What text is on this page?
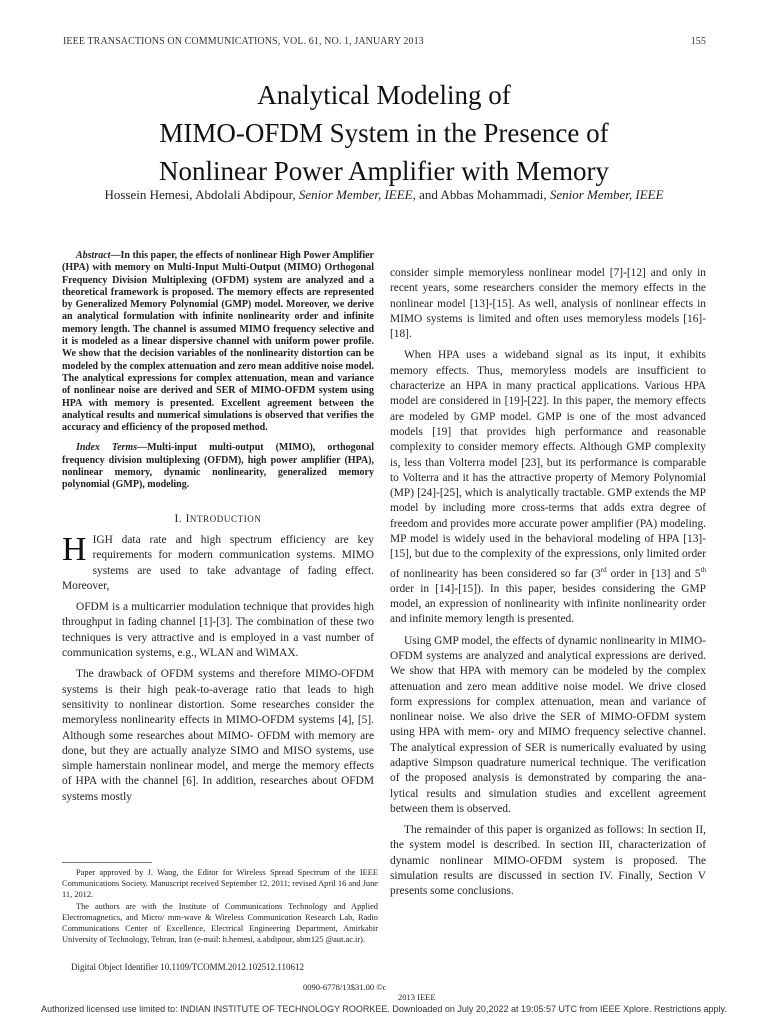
IEEE TRANSACTIONS ON COMMUNICATIONS, VOL. 61, NO. 1, JANUARY 2013	155
Analytical Modeling of
MIMO-OFDM System in the Presence of
Nonlinear Power Amplifier with Memory
Hossein Hemesi, Abdolali Abdipour, Senior Member, IEEE, and Abbas Mohammadi, Senior Member, IEEE

Abstract—In this paper, the effects of nonlinear High Power Amplifier (HPA) with memory on Multi-Input Multi-Output (MIMO) Orthogonal Frequency Division Multiplexing (OFDM) system are analyzed and a theoretical framework is proposed. The memory effects are represented by Generalized Memory Polynomial (GMP) model. Moreover, we derive an analytical formulation with infinite nonlinearity order and infinite memory length. The channel is assumed MIMO frequency selective and it is modeled as a linear dispersive channel with uniform power profile. We show that the decision variables of the nonlinearity distortion can be modeled by the complex attenuation and zero mean additive noise model. The analytical expressions for complex attenuation, mean and variance of nonlinear noise are derived and SER of MIMO-OFDM system using HPA with memory is presented. Excellent agreement between the analytical results and numerical simulations is observed that verifies the accuracy and efficiency of the proposed method.

Index Terms—Multi-input multi-output (MIMO), orthogonal frequency division multiplexing (OFDM), high power amplifier (HPA), nonlinear memory, dynamic nonlinearity, generalized memory polynomial (GMP), modeling.

I. INTRODUCTION

HIGH data rate and high spectrum efficiency are key requirements for modern communication systems. MIMO systems are used to take advantage of fading effect. Moreover,

OFDM is a multicarrier modulation technique that provides high throughput in fading channel [1]-[3]. The combination of these two techniques is very attractive and is employed in a vast number of communication systems, e.g., WLAN and WiMAX.

The drawback of OFDM systems and therefore MIMO-OFDM systems is their high peak-to-average ratio that leads to high sensitivity to nonlinear distortion. Some researches consider the memoryless nonlinearity effects in MIMO-OFDM systems [4], [5]. Although some researches about MIMO- OFDM with memory are done, but they are actually analyze SIMO and MISO systems, use simple hamerstain nonlinear model, and merge the memory effects of HPA with the channel [6]. In addition, researches about OFDM systems mostly

consider simple memoryless nonlinear model [7]-[12] and only in recent years, some researchers consider the memory effects in the nonlinear model [13]-[15]. As well, analysis of nonlinear effects in MIMO systems is limited and often uses memoryless models [16]-[18].

When HPA uses a wideband signal as its input, it exhibits memory effects. Thus, memoryless models are insufficient to characterize an HPA in many practical applications. Various HPA model are considered in [19]-[22]. In this paper, the memory effects are modeled by GMP model. GMP is one of the most advanced models [19] that provides high performance and reasonable complexity to consider memory effects. Although GMP complexity is, less than Volterra model [23], but its performance is comparable to Volterra and it has the attractive property of Memory Polynomial (MP) [24]-[25], which is analytically tractable. GMP extends the MP model by including more cross-terms that adds extra degree of freedom and provides more accurate power amplifier (PA) modeling. MP model is widely used in the behavioral modeling of HPA [13]-[15], but due to the complexity of the expressions, only limited order of nonlinearity has been considered so far (3rd order in [13] and 5th order in [14]-[15]). In this paper, besides considering the GMP model, an expression of nonlinearity with infinite nonlinearity order and infinite memory length is presented.

Using GMP model, the effects of dynamic nonlinearity in MIMO-OFDM systems are analyzed and analytical expressions are derived. We show that HPA with memory can be modeled by the complex attenuation and zero mean additive noise model. We drive closed form expressions for complex attenuation, mean and variance of nonlinear noise. We also drive the SER of MIMO-OFDM system using HPA with mem- ory and MIMO frequency selective channel. The analytical expression of SER is numerically evaluated by using adaptive Simpson quadrature numerical technique. The verification of the proposed analysis is demonstrated by comparing the ana- lytical results and simulation studies and excellent agreement between them is observed.

The remainder of this paper is organized as follows: In section II, the system model is described. In section III, characterization of dynamic nonlinear MIMO-OFDM system is proposed. The simulation results are discussed in section IV. Finally, Section V presents some conclusions.

Paper approved by J. Wang, the Editor for Wireless Spread Spectrum of the IEEE Communications Society. Manuscript received September 12, 2011; revised April 16 and June 11, 2012.

The authors are with the Institute of Communications Technology and Applied Electromagnetics, and Micro/ mm-wave & Wireless Communication Research Lab, Radio Communications Center of Excellence, Electrical Engineering Department, Amirkabir University of Technology, Tehran, Iran (e-mail: h.hemesi, a.abdipour, abm125 @aut.ac.ir).

Digital Object Identifier 10.1109/TCOMM.2012.102512.110612
0090-6778/13$31.00 ©c
2013 IEEE
Authorized licensed use limited to: INDIAN INSTITUTE OF TECHNOLOGY ROORKEE. Downloaded on July 20,2022 at 19:05:57 UTC from IEEE Xplore. Restrictions apply.
